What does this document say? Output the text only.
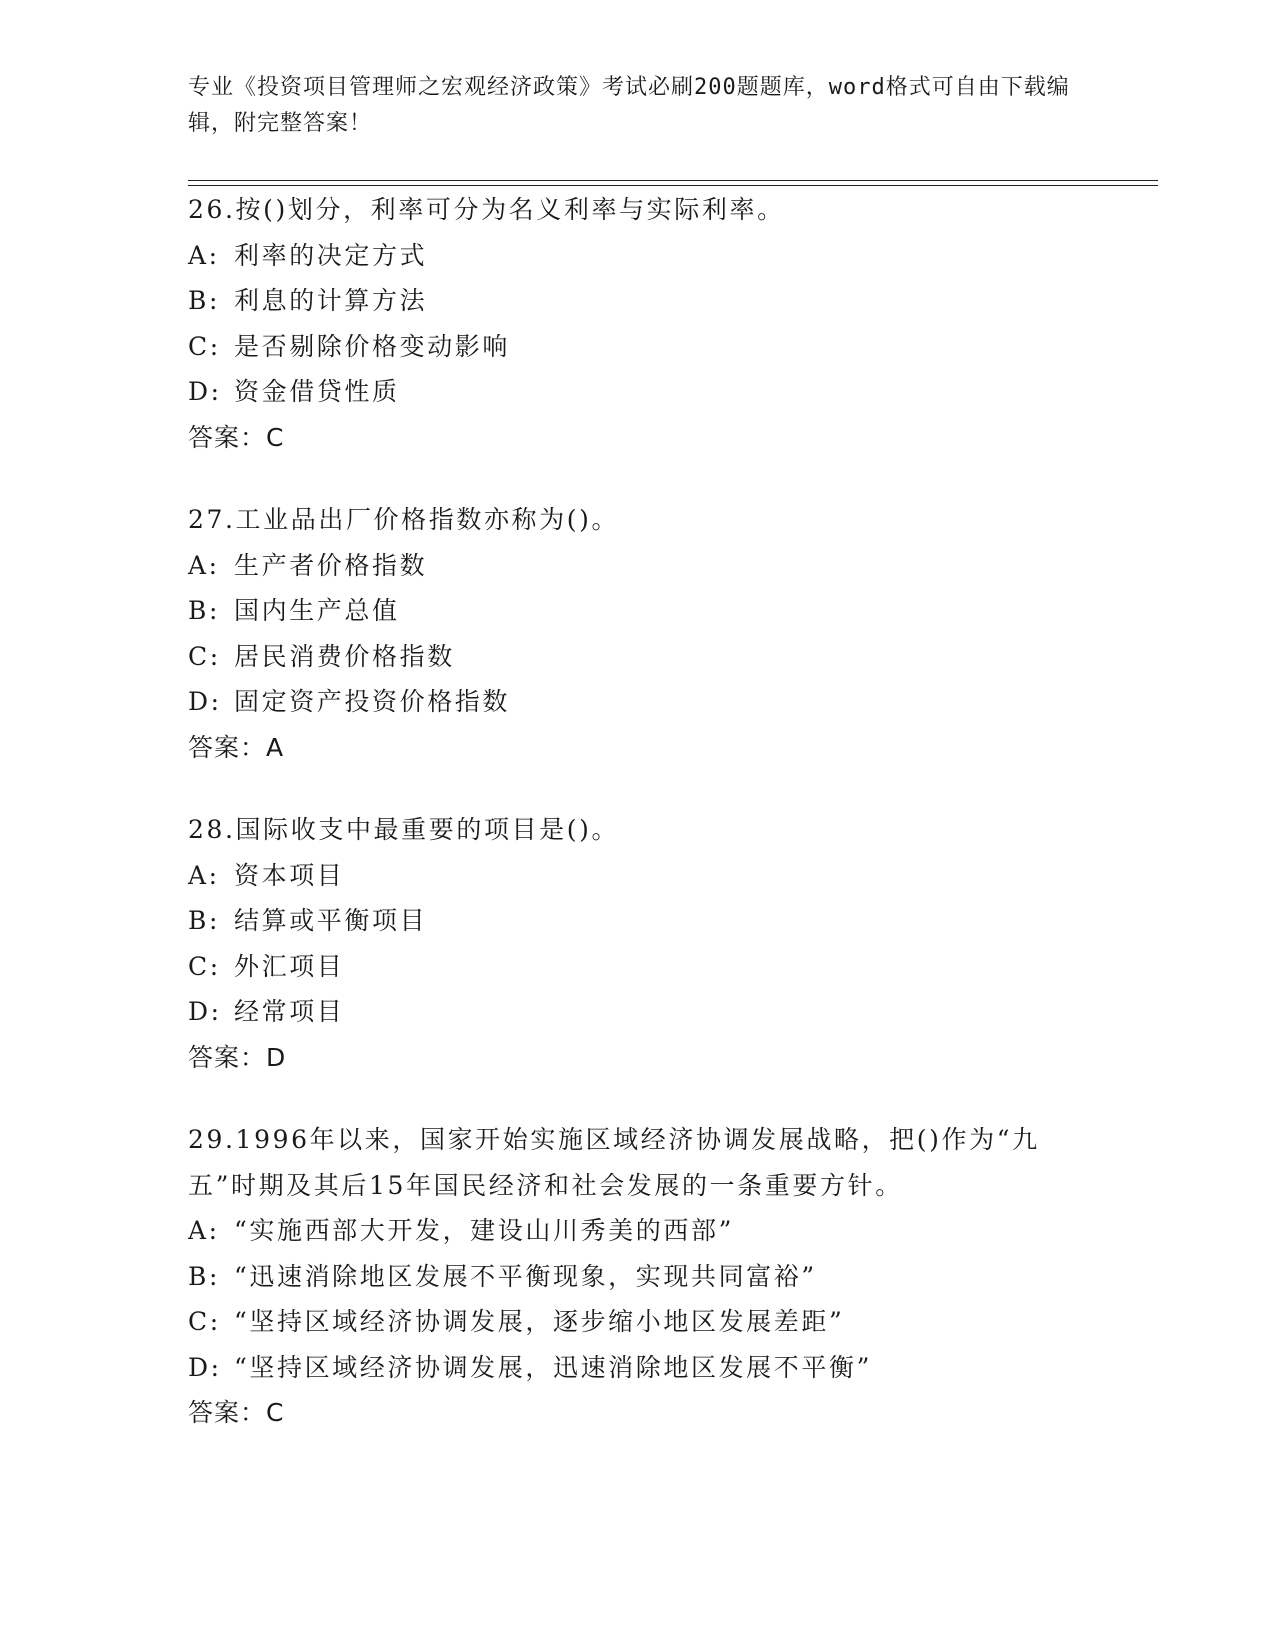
专业《投资项目管理师之宏观经济政策》考试必刷200题题库，word格式可自由下载编辑，附完整答案！
26.按()划分，利率可分为名义利率与实际利率。
A: 利率的决定方式
B: 利息的计算方法
C: 是否剔除价格变动影响
D: 资金借贷性质
答案：C
27.工业品出厂价格指数亦称为()。
A: 生产者价格指数
B: 国内生产总值
C: 居民消费价格指数
D: 固定资产投资价格指数
答案：A
28.国际收支中最重要的项目是()。
A: 资本项目
B: 结算或平衡项目
C: 外汇项目
D: 经常项目
答案：D
29.1996年以来，国家开始实施区域经济协调发展战略，把()作为“九五”时期及其后15年国民经济和社会发展的一条重要方针。
A: “实施西部大开发，建设山川秀美的西部”
B: “迅速消除地区发展不平衡现象，实现共同富裕”
C: “坚持区域经济协调发展，逐步缩小地区发展差距”
D: “坚持区域经济协调发展，迅速消除地区发展不平衡”
答案：C
